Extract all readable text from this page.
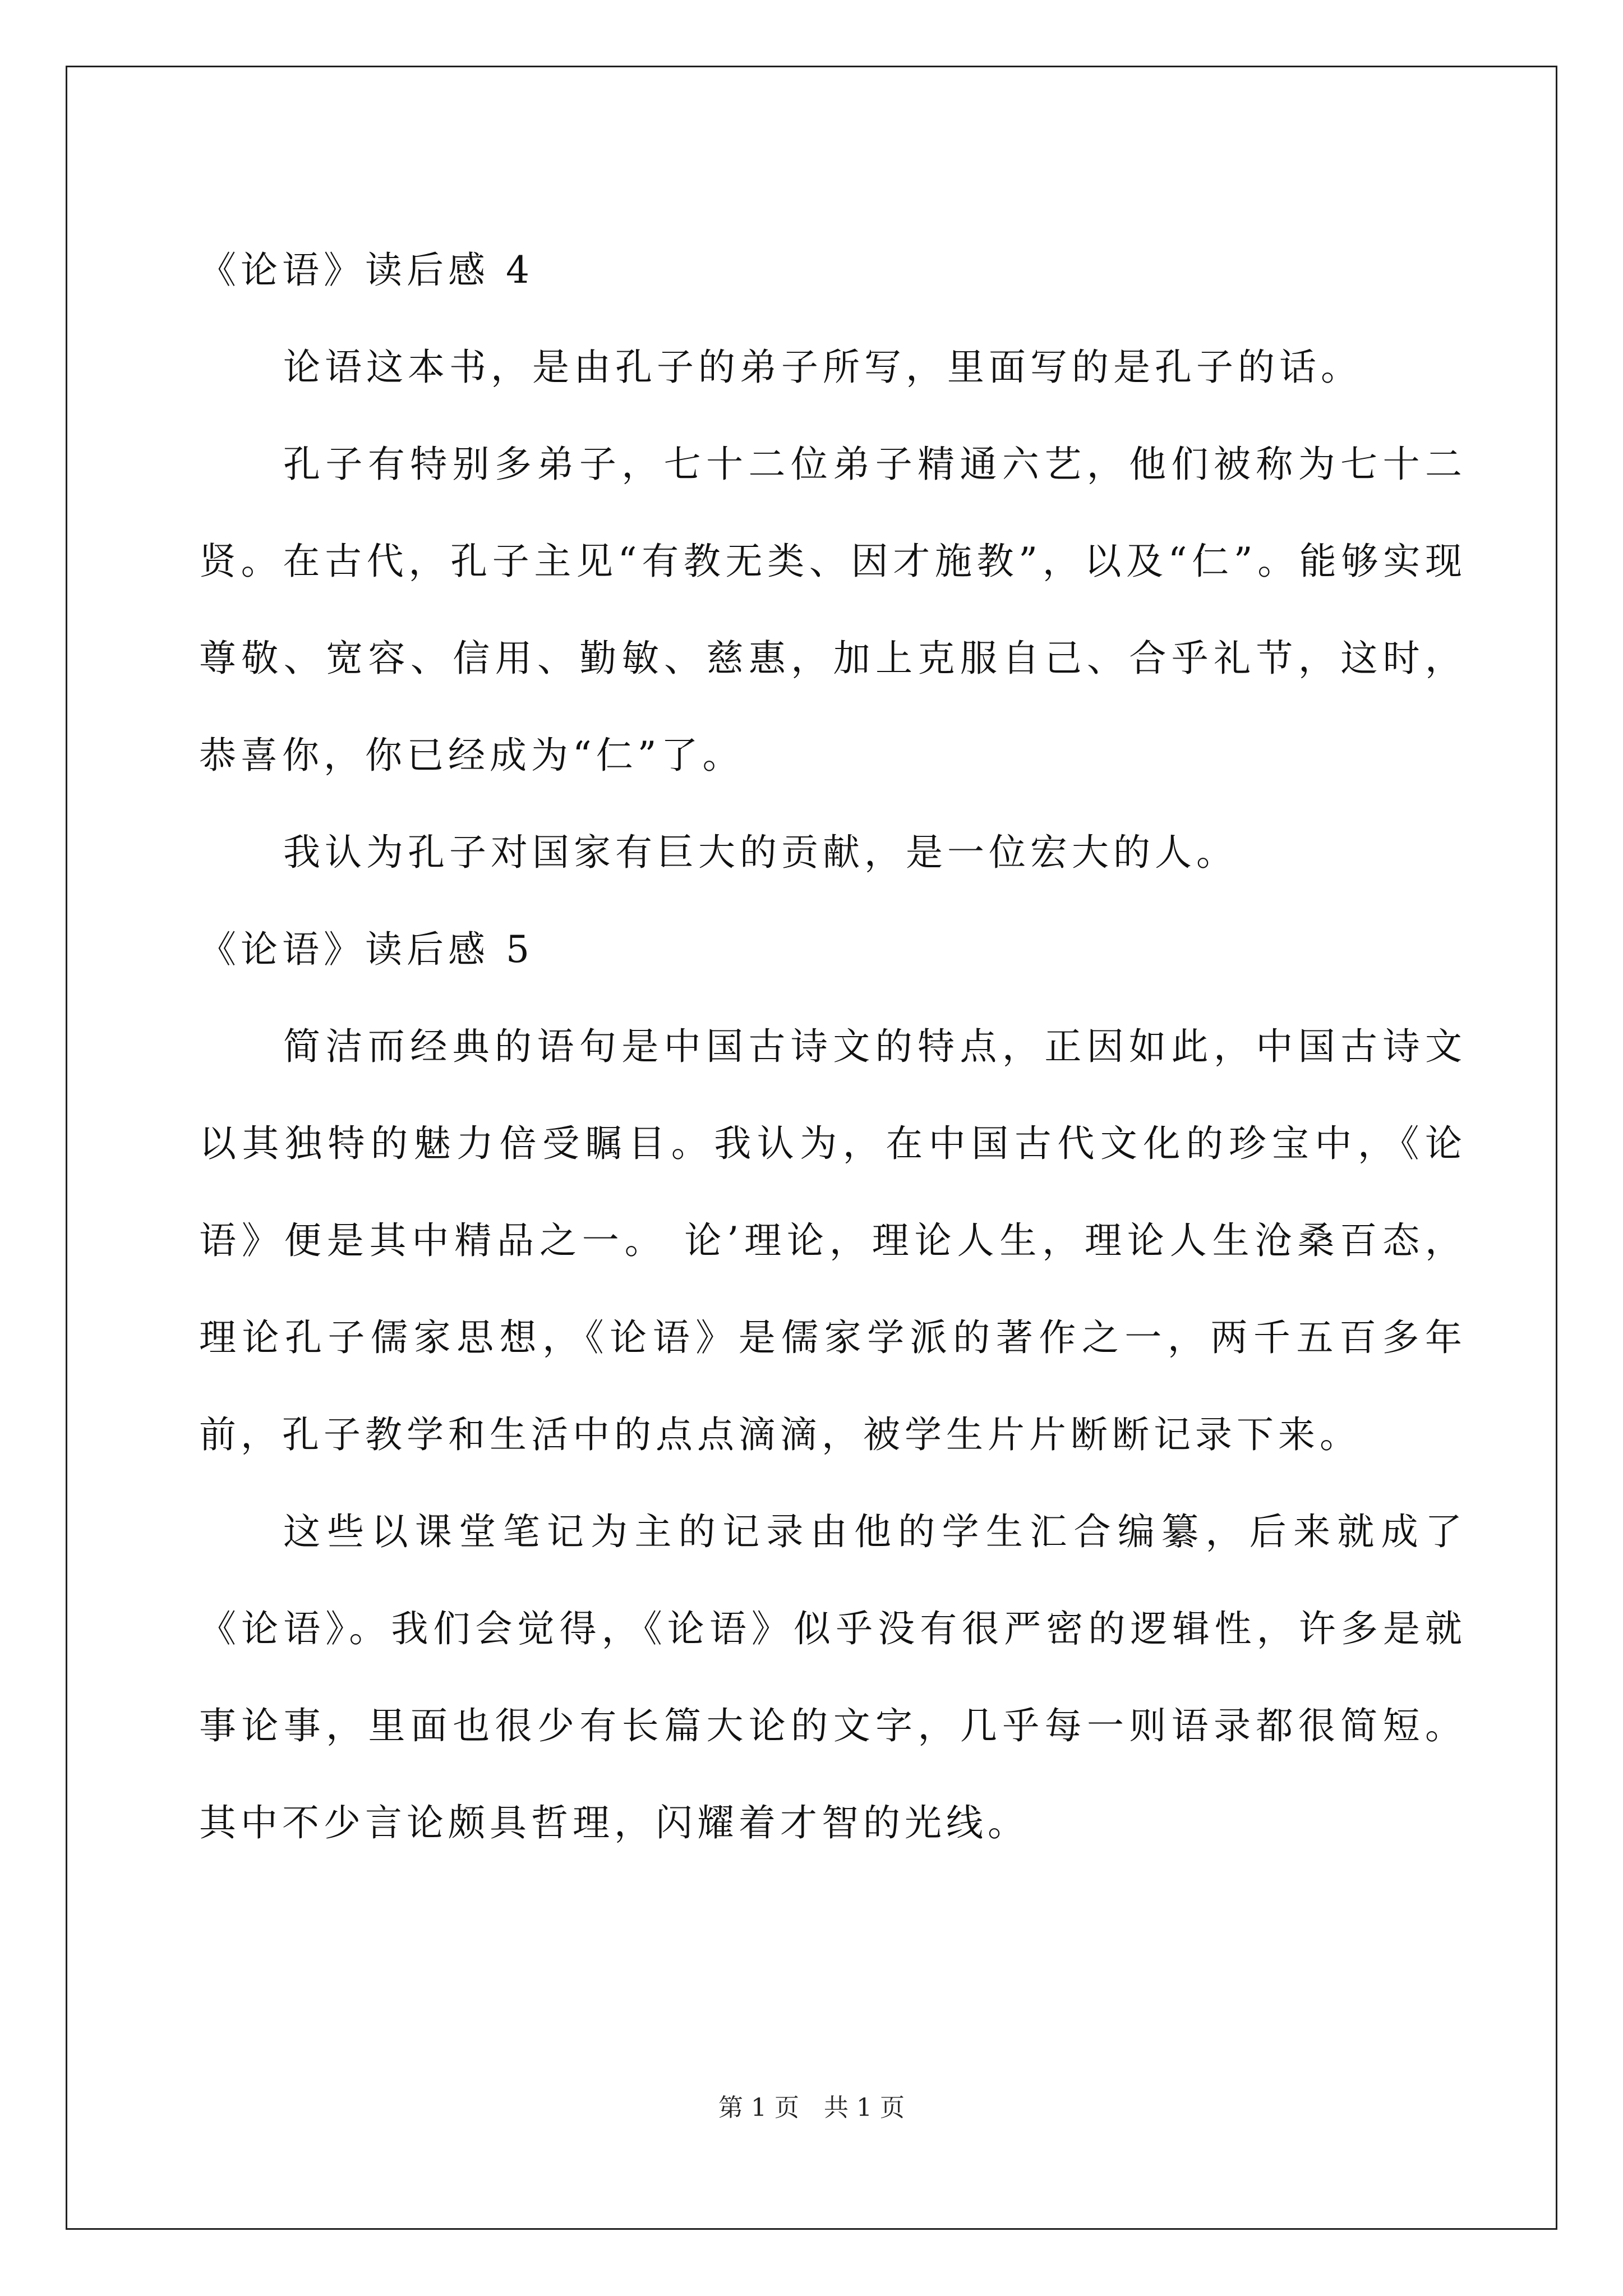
《论语》读后感 4

论语这本书，是由孔子的弟子所写，里面写的是孔子的话。

孔子有特别多弟子，七十二位弟子精通六艺，他们被称为七十二贤。在古代，孔子主见“有教无类、因才施教”，以及“仁”。能够实现尊敬、宽容、信用、勤敏、慈惠，加上克服自己、合乎礼节，这时，恭喜你，你已经成为“仁”了。

我认为孔子对国家有巨大的贡献，是一位宏大的人。

《论语》读后感 5

简洁而经典的语句是中国古诗文的特点，正因如此，中国古诗文以其独特的魅力倍受瞩目。我认为，在中国古代文化的珍宝中，《论语》便是其中精品之一。 论’理论，理论人生，理论人生沧桑百态，理论孔子儒家思想，《论语》是儒家学派的著作之一，两千五百多年前，孔子教学和生活中的点点滴滴，被学生片片断断记录下来。

这些以课堂笔记为主的记录由他的学生汇合编纂，后来就成了《论语》。我们会觉得，《论语》似乎没有很严密的逻辑性，许多是就事论事，里面也很少有长篇大论的文字，几乎每一则语录都很简短。其中不少言论颇具哲理，闪耀着才智的光线。

第 1 页　共 1 页
